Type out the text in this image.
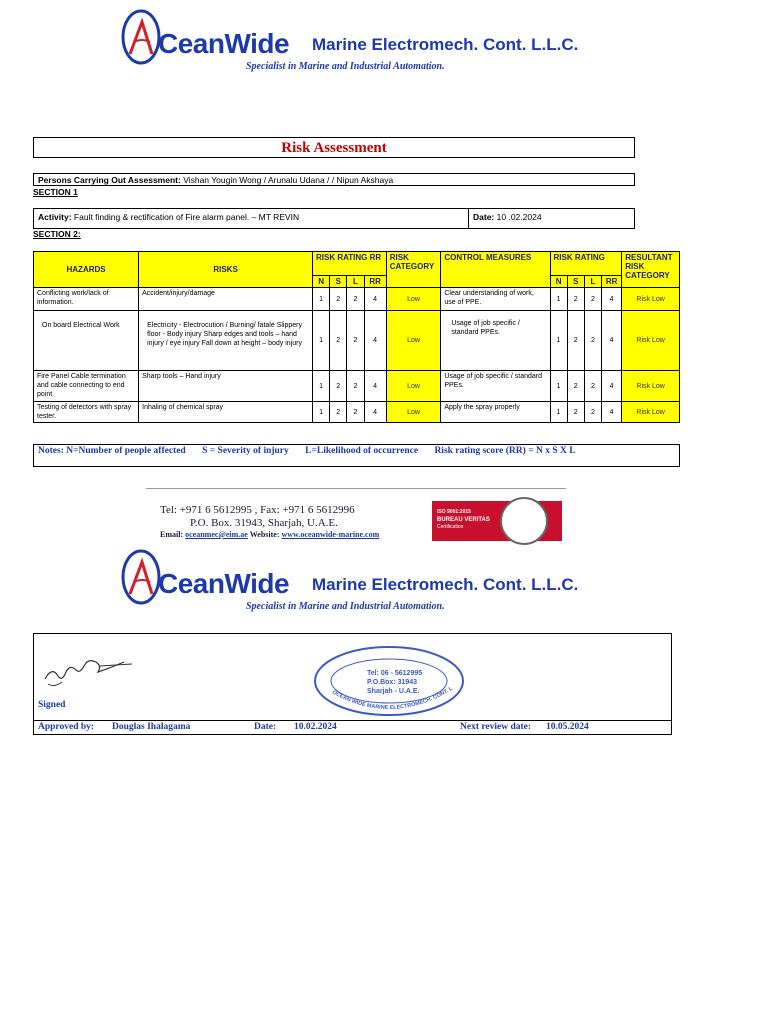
CeanWide Marine Electromech. Cont. L.L.C.
Specialist in Marine and Industrial Automation.
Risk Assessment
Persons Carrying Out Assessment: Vishan Yougin Wong / Arunalu Udana / / Nipun Akshaya
SECTION 1
Activity: Fault finding & rectification of Fire alarm panel. – MT REVIN	Date: 10 .02.2024
SECTION 2:
HAZARDS	RISKS	RISK RATING RR				RISK CATEGORY	CONTROL MEASURES	RISK RATING				RESULTANT RISK CATEGORY
		N	S	L	RR			N	S	L	RR	
Conflicting work/lack of information.	Accident/injury/damage	1	2	2	4	Low	Clear understanding of work, use of PPE.	1	2	2	4	Risk Low
On board Electrical Work	Electricity - Electrocution / Burning/ fatale Slippery floor - Body injury Sharp edges and tools – hand injury / eye injury Fall down at height – body injury	1	2	2	4	Low	Usage of job specific / standard PPEs.	1	2	2	4	Risk Low
Fire Panel Cable termination and cable connecting to end point	Sharp tools – Hand injury	1	2	2	4	Low	Usage of job specific / standard PPEs.	1	2	2	4	Risk Low
Testing of detectors with spray tester.	Inhaling of chemical spray	1	2	2	4	Low	Apply the spray properly	1	2	2	4	Risk Low
Notes: N=Number of people affected S = Severity of injury L=Likelihood of occurrence Risk rating score (RR) = N x S X L
Tel: +971 6 5612995 , Fax: +971 6 5612996
P.O. Box. 31943, Sharjah, U.A.E.
Email: oceanmec@eim.ae Website: www.oceanwide-marine.com
ISO 9001:2015
BUREAU VERITAS
Certification
CeanWide Marine Electromech. Cont. L.L.C.
Specialist in Marine and Industrial Automation.
Tel: 06 - 5612995
P.O.Box: 31943
Sharjah - U.A.E.
OCEAN WIDE MARINE ELECTROMECH. CONT. L
Signed
Approved by: Douglas Ihalagama	Date: 10.02.2024	Next review date: 10.05.2024
